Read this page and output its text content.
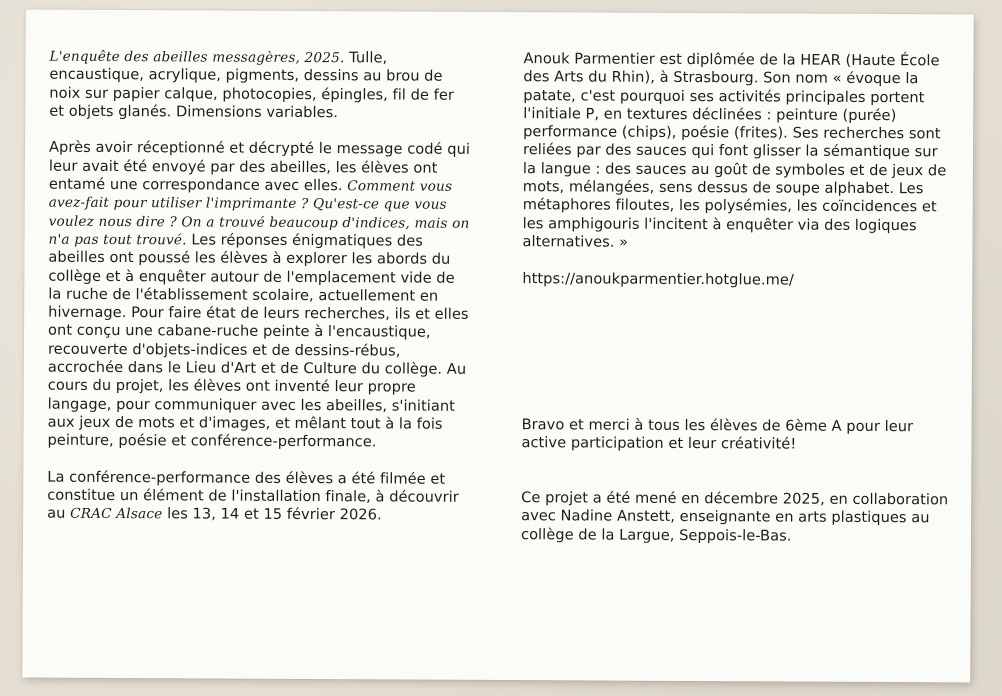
L'enquête des abeilles messagères, 2025. Tulle, encaustique, acrylique, pigments, dessins au brou de noix sur papier calque, photocopies, épingles, fil de fer et objets glanés. Dimensions variables.

Après avoir réceptionné et décrypté le message codé qui leur avait été envoyé par des abeilles, les élèves ont entamé une correspondance avec elles. Comment vous avez-fait pour utiliser l'imprimante ? Qu'est-ce que vous voulez nous dire ? On a trouvé beaucoup d'indices, mais on n'a pas tout trouvé. Les réponses énigmatiques des abeilles ont poussé les élèves à explorer les abords du collège et à enquêter autour de l'emplacement vide de la ruche de l'établissement scolaire, actuellement en hivernage. Pour faire état de leurs recherches, ils et elles ont conçu une cabane-ruche peinte à l'encaustique, recouverte d'objets-indices et de dessins-rébus, accrochée dans le Lieu d'Art et de Culture du collège. Au cours du projet, les élèves ont inventé leur propre langage, pour communiquer avec les abeilles, s'initiant aux jeux de mots et d'images, et mêlant tout à la fois peinture, poésie et conférence-performance.

La conférence-performance des élèves a été filmée et constitue un élément de l'installation finale, à découvrir au CRAC Alsace les 13, 14 et 15 février 2026.

Anouk Parmentier est diplômée de la HEAR (Haute École des Arts du Rhin), à Strasbourg. Son nom « évoque la patate, c'est pourquoi ses activités principales portent l'initiale P, en textures déclinées : peinture (purée) performance (chips), poésie (frites). Ses recherches sont reliées par des sauces qui font glisser la sémantique sur la langue : des sauces au goût de symboles et de jeux de mots, mélangées, sens dessus de soupe alphabet. Les métaphores filoutes, les polysémies, les coïncidences et les amphigouris l'incitent à enquêter via des logiques alternatives. »

https://anoukparmentier.hotglue.me/

Bravo et merci à tous les élèves de 6ème A pour leur active participation et leur créativité!

Ce projet a été mené en décembre 2025, en collaboration avec Nadine Anstett, enseignante en arts plastiques au collège de la Largue, Seppois-le-Bas.
